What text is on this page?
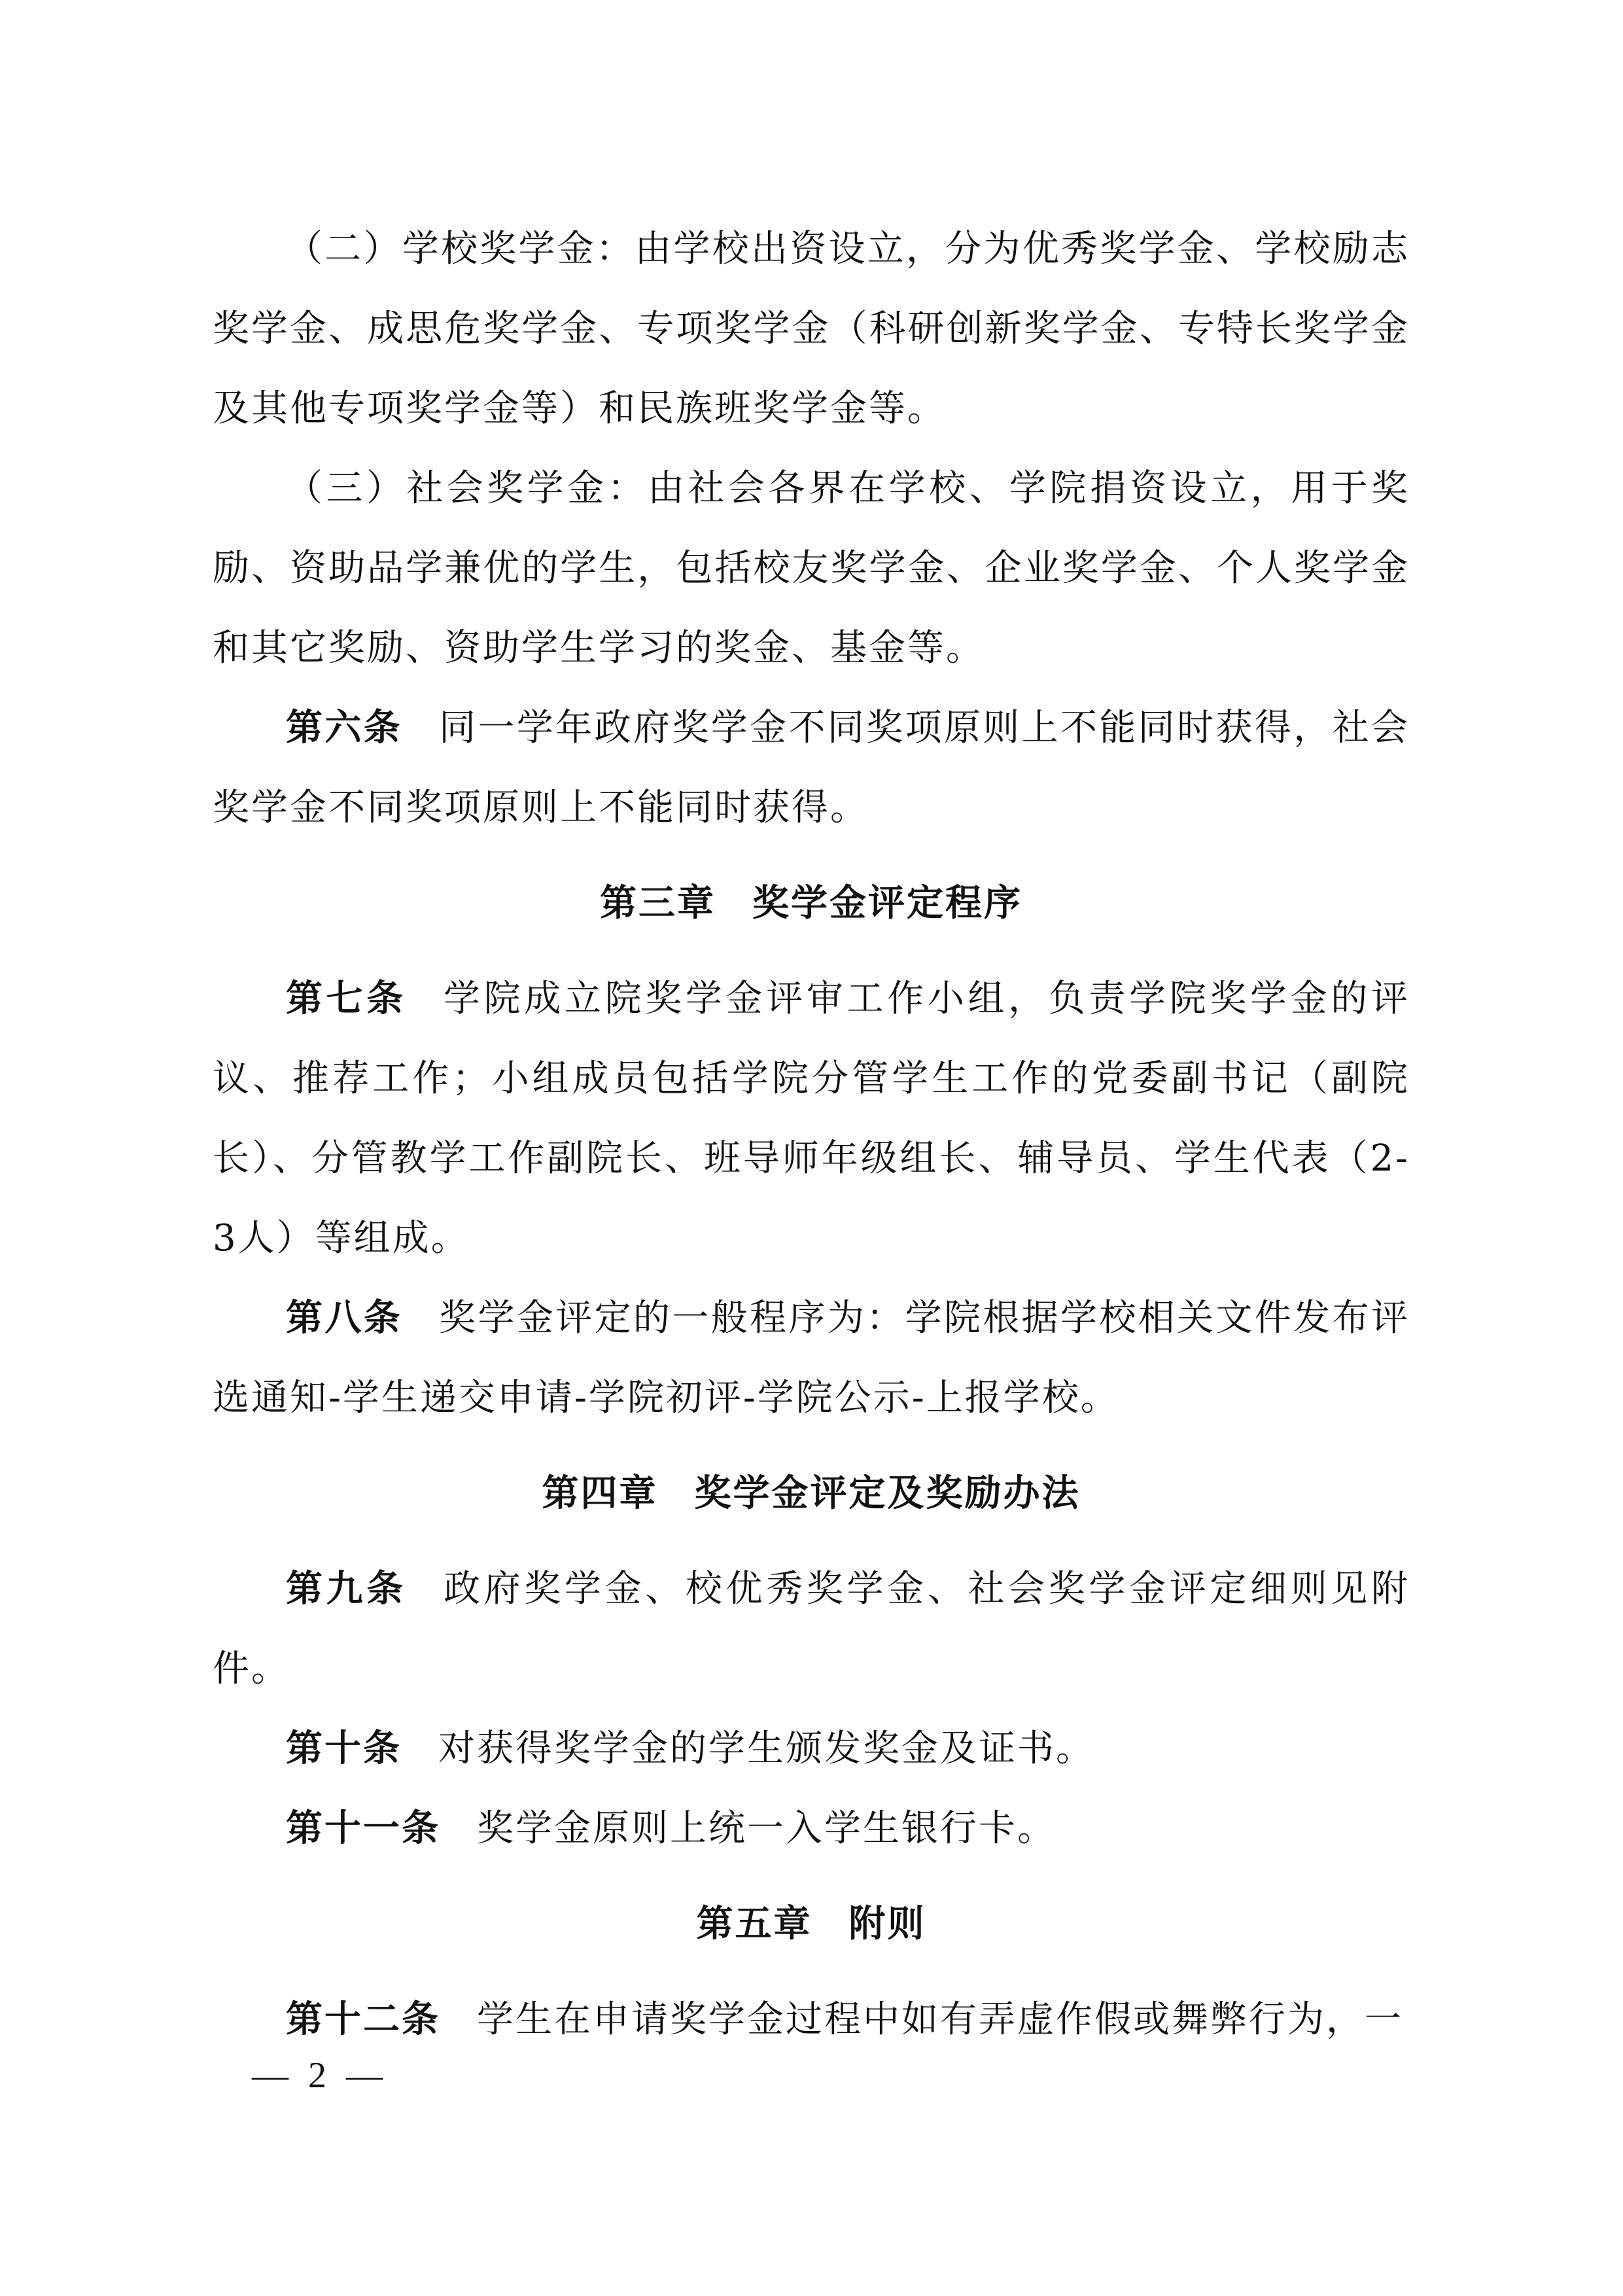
（二）学校奖学金：由学校出资设立，分为优秀奖学金、学校励志奖学金、成思危奖学金、专项奖学金（科研创新奖学金、专特长奖学金及其他专项奖学金等）和民族班奖学金等。

（三）社会奖学金：由社会各界在学校、学院捐资设立，用于奖励、资助品学兼优的学生，包括校友奖学金、企业奖学金、个人奖学金和其它奖励、资助学生学习的奖金、基金等。

第六条 同一学年政府奖学金不同奖项原则上不能同时获得，社会奖学金不同奖项原则上不能同时获得。

第三章 奖学金评定程序

第七条 学院成立院奖学金评审工作小组，负责学院奖学金的评议、推荐工作；小组成员包括学院分管学生工作的党委副书记（副院长）、分管教学工作副院长、班导师年级组长、辅导员、学生代表（2-3人）等组成。

第八条 奖学金评定的一般程序为：学院根据学校相关文件发布评选通知-学生递交申请-学院初评-学院公示-上报学校。

第四章 奖学金评定及奖励办法

第九条 政府奖学金、校优秀奖学金、社会奖学金评定细则见附件。

第十条 对获得奖学金的学生颁发奖金及证书。

第十一条 奖学金原则上统一入学生银行卡。

第五章 附则

第十二条 学生在申请奖学金过程中如有弄虚作假或舞弊行为，一

— 2 —
